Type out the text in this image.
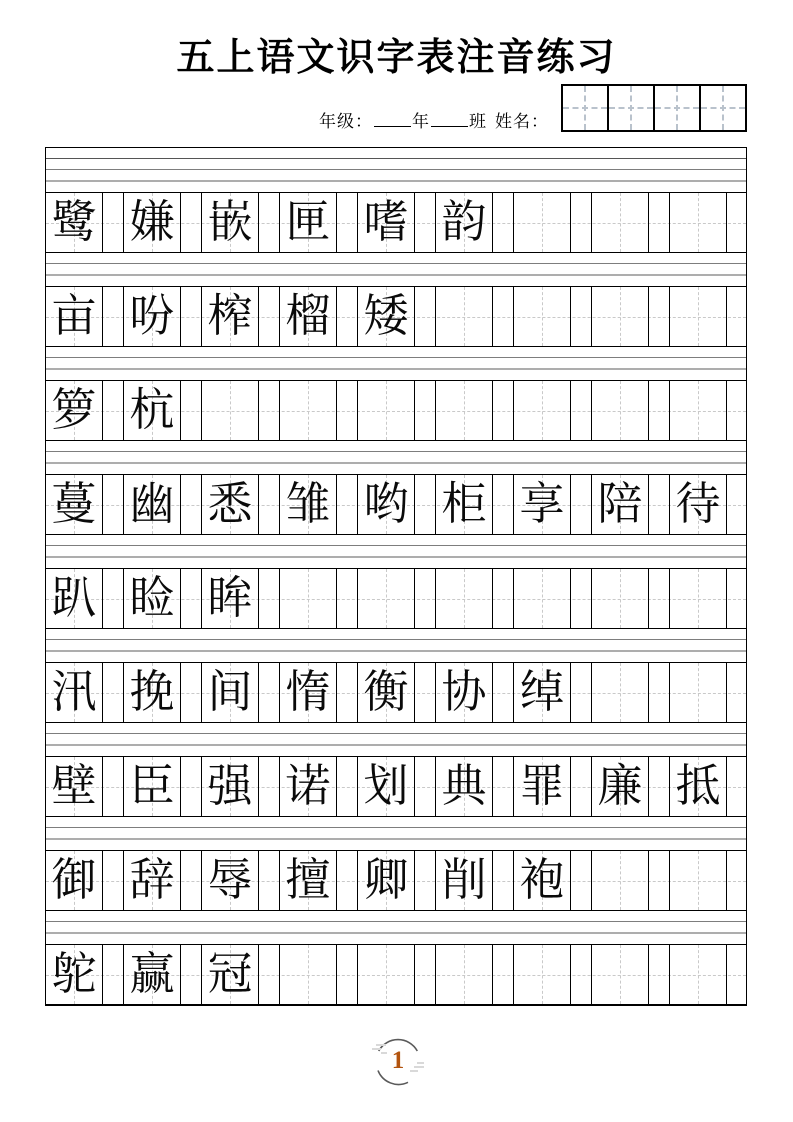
五上语文识字表注音练习
年级： 年 班 姓名：
鹭 嫌 嵌 匣 嗜 韵
亩 吩 榨 榴 矮
箩 杭
蔓 幽 悉 雏 哟 柜 享 陪 待
趴 睑 眸
汛 挽 间 惰 衡 协 绰
壁 臣 强 诺 划 典 罪 廉 抵
御 辞 辱 擅 卿 削 袍
鸵 赢 冠
1
